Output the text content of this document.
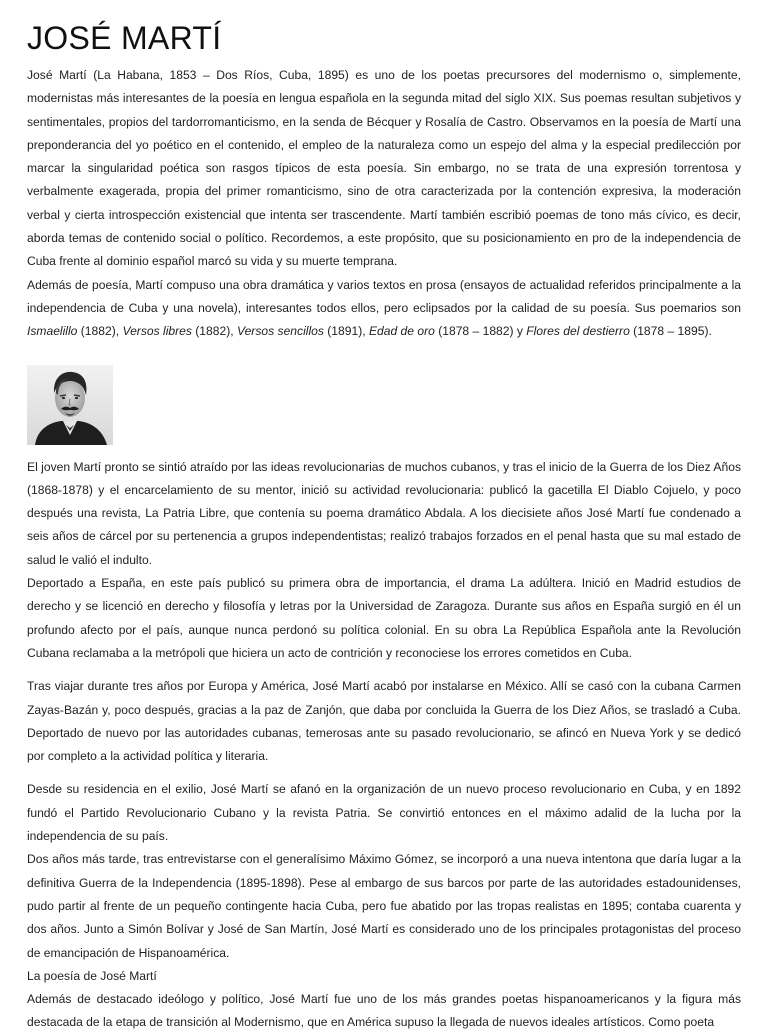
JOSÉ MARTÍ

José Martí (La Habana, 1853 – Dos Ríos, Cuba, 1895) es uno de los poetas precursores del modernismo o, simplemente, modernistas más interesantes de la poesía en lengua española en la segunda mitad del siglo XIX. Sus poemas resultan subjetivos y sentimentales, propios del tardorromanticismo, en la senda de Bécquer y Rosalía de Castro. Observamos en la poesía de Martí una preponderancia del yo poético en el contenido, el empleo de la naturaleza como un espejo del alma y la especial predilección por marcar la singularidad poética son rasgos típicos de esta poesía. Sin embargo, no se trata de una expresión torrentosa y verbalmente exagerada, propia del primer romanticismo, sino de otra caracterizada por la contención expresiva, la moderación verbal y cierta introspección existencial que intenta ser trascendente. Martí también escribió poemas de tono más cívico, es decir, aborda temas de contenido social o político. Recordemos, a este propósito, que su posicionamiento en pro de la independencia de Cuba frente al dominio español marcó su vida y su muerte temprana.

Además de poesía, Martí compuso una obra dramática y varios textos en prosa (ensayos de actualidad referidos principalmente a la independencia de Cuba y una novela), interesantes todos ellos, pero eclipsados por la calidad de su poesía. Sus poemarios son Ismaelillo (1882), Versos libres (1882), Versos sencillos (1891), Edad de oro (1878 – 1882) y Flores del destierro (1878 – 1895).

El joven Martí pronto se sintió atraído por las ideas revolucionarias de muchos cubanos, y tras el inicio de la Guerra de los Diez Años (1868-1878) y el encarcelamiento de su mentor, inició su actividad revolucionaria: publicó la gacetilla El Diablo Cojuelo, y poco después una revista, La Patria Libre, que contenía su poema dramático Abdala. A los diecisiete años José Martí fue condenado a seis años de cárcel por su pertenencia a grupos independentistas; realizó trabajos forzados en el penal hasta que su mal estado de salud le valió el indulto.

Deportado a España, en este país publicó su primera obra de importancia, el drama La adúltera. Inició en Madrid estudios de derecho y se licenció en derecho y filosofía y letras por la Universidad de Zaragoza. Durante sus años en España surgió en él un profundo afecto por el país, aunque nunca perdonó su política colonial. En su obra La República Española ante la Revolución Cubana reclamaba a la metrópoli que hiciera un acto de contrición y reconociese los errores cometidos en Cuba.

Tras viajar durante tres años por Europa y América, José Martí acabó por instalarse en México. Allí se casó con la cubana Carmen Zayas-Bazán y, poco después, gracias a la paz de Zanjón, que daba por concluida la Guerra de los Diez Años, se trasladó a Cuba. Deportado de nuevo por las autoridades cubanas, temerosas ante su pasado revolucionario, se afincó en Nueva York y se dedicó por completo a la actividad política y literaria.

Desde su residencia en el exilio, José Martí se afanó en la organización de un nuevo proceso revolucionario en Cuba, y en 1892 fundó el Partido Revolucionario Cubano y la revista Patria. Se convirtió entonces en el máximo adalid de la lucha por la independencia de su país.

Dos años más tarde, tras entrevistarse con el generalísimo Máximo Gómez, se incorporó a una nueva intentona que daría lugar a la definitiva Guerra de la Independencia (1895-1898). Pese al embargo de sus barcos por parte de las autoridades estadounidenses, pudo partir al frente de un pequeño contingente hacia Cuba, pero fue abatido por las tropas realistas en 1895; contaba cuarenta y dos años. Junto a Simón Bolívar y José de San Martín, José Martí es considerado uno de los principales protagonistas del proceso de emancipación de Hispanoamérica.

La poesía de José Martí

Además de destacado ideólogo y político, José Martí fue uno de los más grandes poetas hispanoamericanos y la figura más destacada de la etapa de transición al Modernismo, que en América supuso la llegada de nuevos ideales artísticos. Como poeta
